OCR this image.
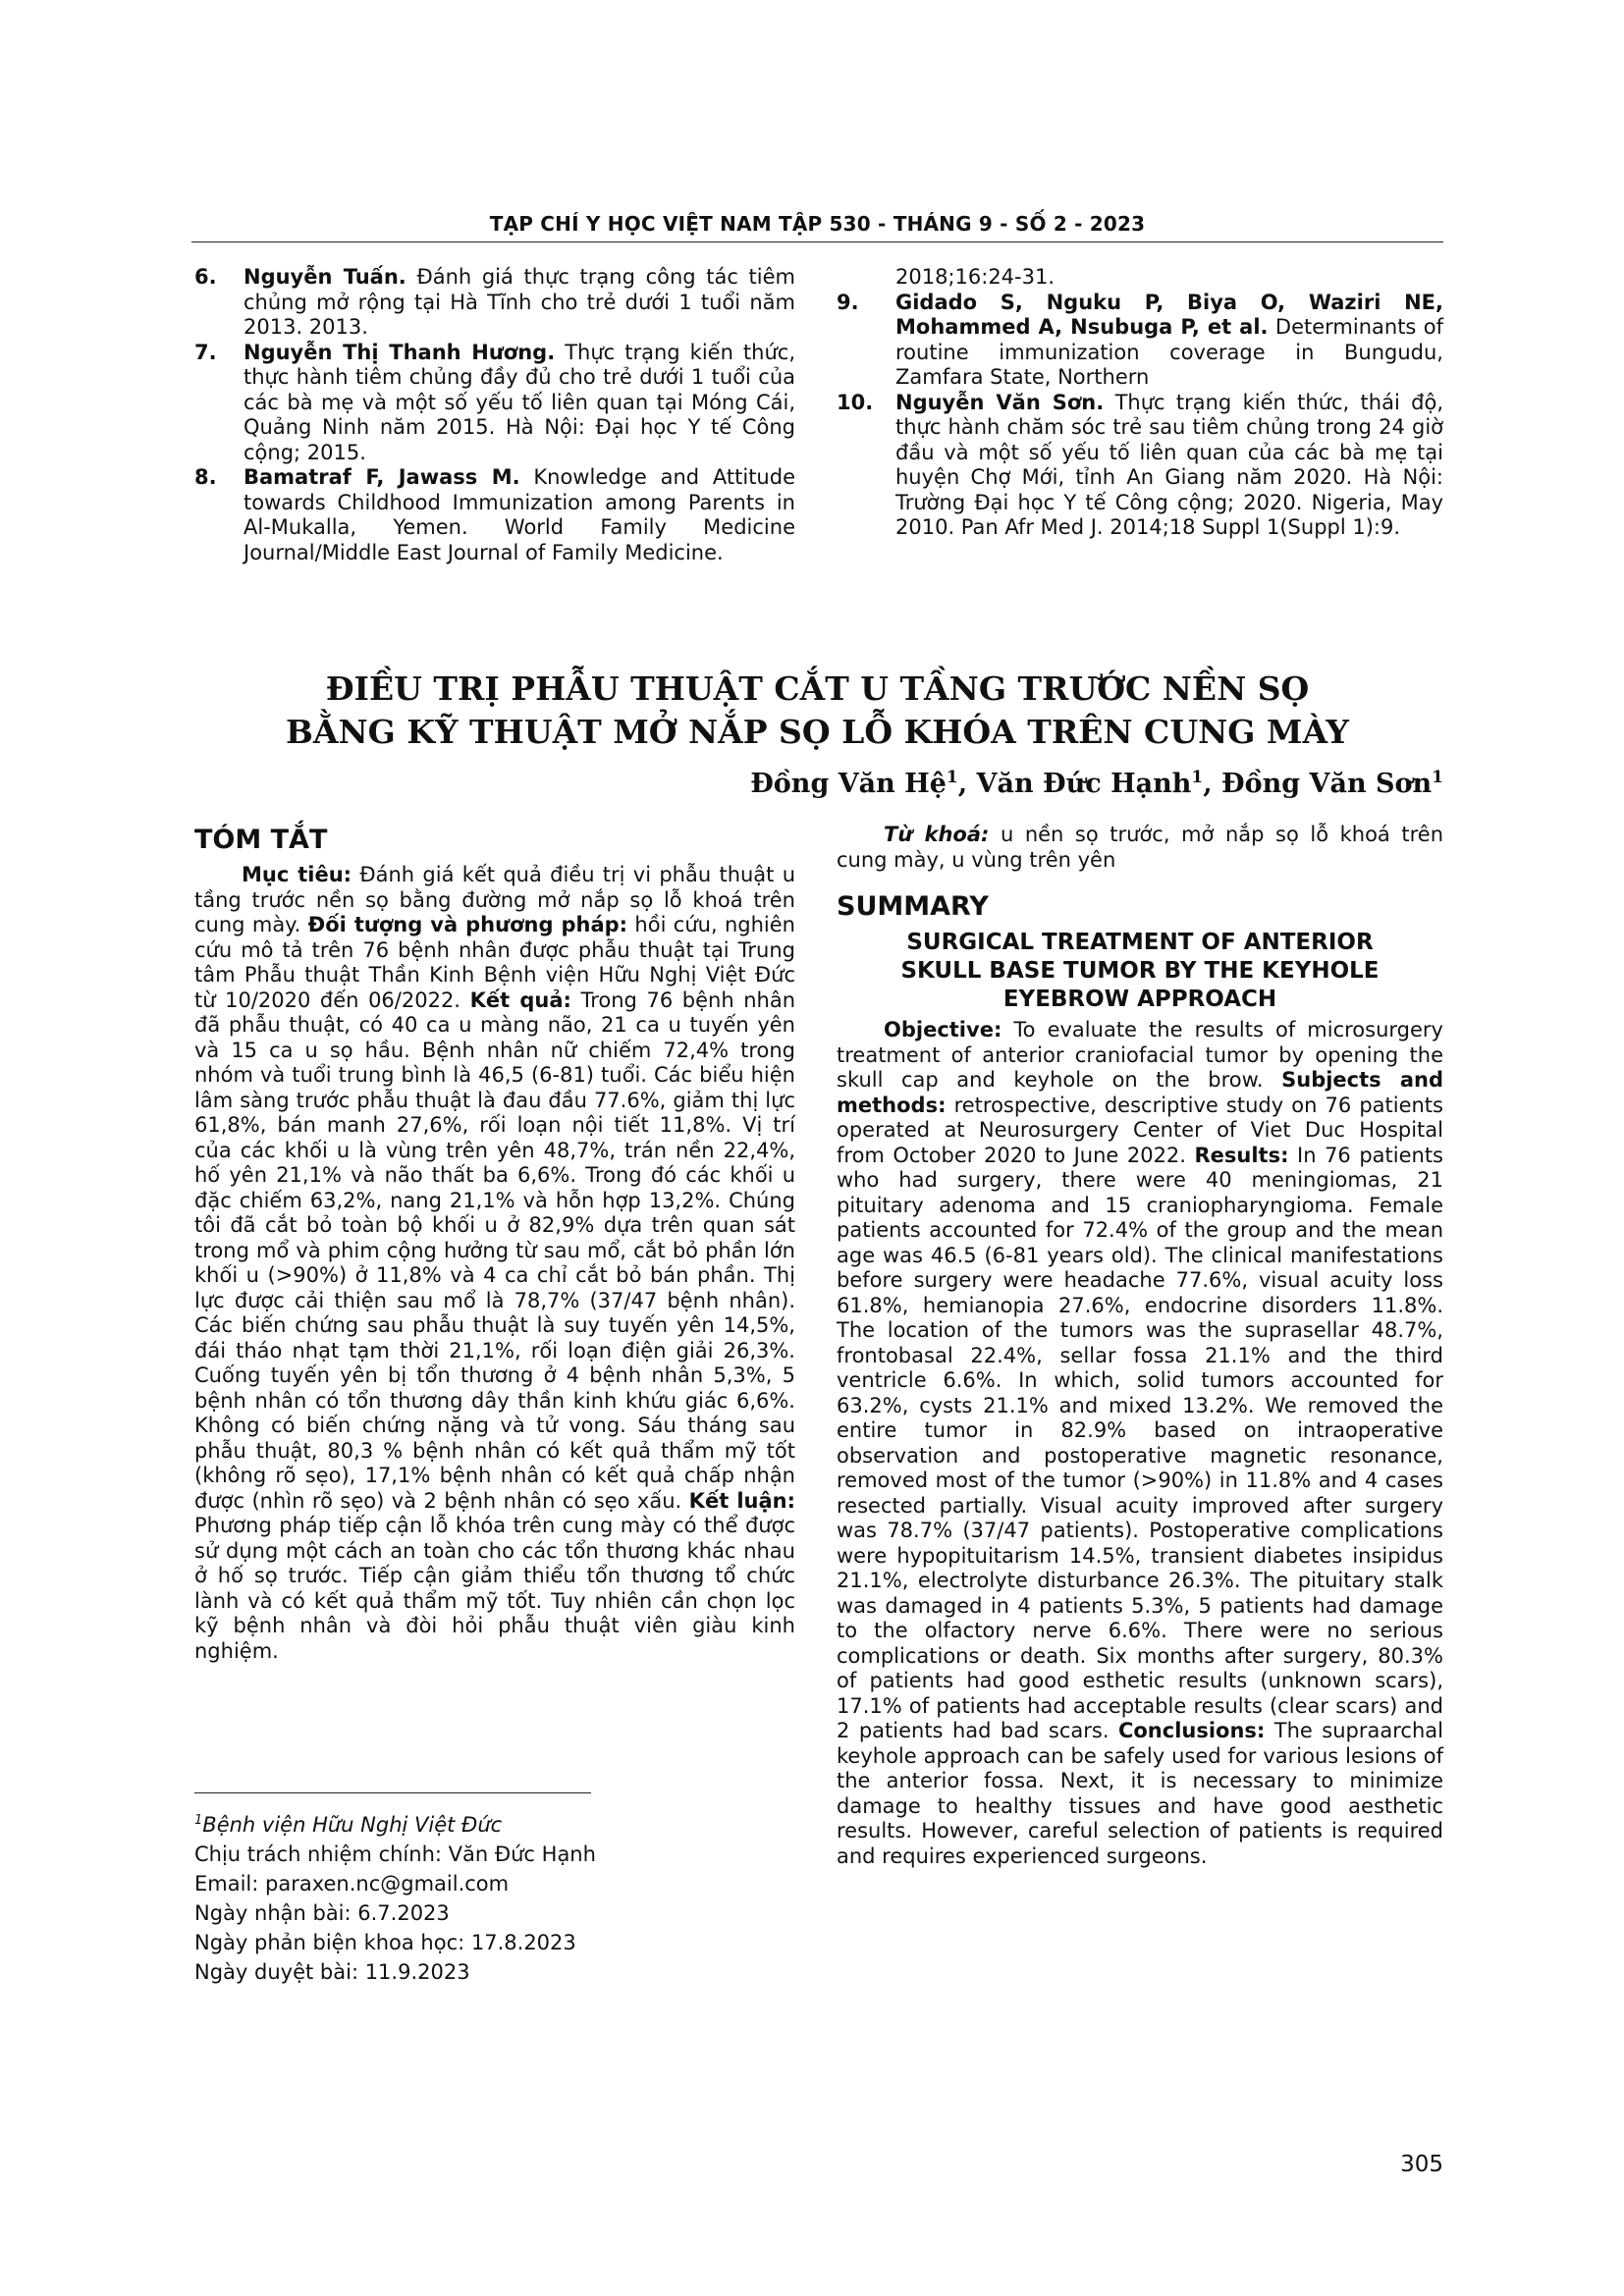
TẠP CHÍ Y HỌC VIỆT NAM TẬP 530 - THÁNG 9 - SỐ 2 - 2023

6. Nguyễn Tuấn. Đánh giá thực trạng công tác tiêm chủng mở rộng tại Hà Tĩnh cho trẻ dưới 1 tuổi năm 2013. 2013.

7. Nguyễn Thị Thanh Hương. Thực trạng kiến thức, thực hành tiêm chủng đầy đủ cho trẻ dưới 1 tuổi của các bà mẹ và một số yếu tố liên quan tại Móng Cái, Quảng Ninh năm 2015. Hà Nội: Đại học Y tế Công cộng; 2015.

8. Bamatraf F, Jawass M. Knowledge and Attitude towards Childhood Immunization among Parents in Al-Mukalla, Yemen. World Family Medicine Journal/Middle East Journal of Family Medicine.

2018;16:24-31.

9. Gidado S, Nguku P, Biya O, Waziri NE, Mohammed A, Nsubuga P, et al. Determinants of routine immunization coverage in Bungudu, Zamfara State, Northern

10. Nguyễn Văn Sơn. Thực trạng kiến thức, thái độ, thực hành chăm sóc trẻ sau tiêm chủng trong 24 giờ đầu và một số yếu tố liên quan của các bà mẹ tại huyện Chợ Mới, tỉnh An Giang năm 2020. Hà Nội: Trường Đại học Y tế Công cộng; 2020. Nigeria, May 2010. Pan Afr Med J. 2014;18 Suppl 1(Suppl 1):9.

ĐIỀU TRỊ PHẪU THUẬT CẮT U TẦNG TRƯỚC NỀN SỌ
BẰNG KỸ THUẬT MỞ NẮP SỌ LỖ KHÓA TRÊN CUNG MÀY
Đồng Văn Hệ$^1$, Văn Đức Hạnh$^1$, Đồng Văn Sơn$^1$

TÓM TẮT

Mục tiêu: Đánh giá kết quả điều trị vi phẫu thuật u tầng trước nền sọ bằng đường mở nắp sọ lỗ khoá trên cung mày. Đối tượng và phương pháp: hồi cứu, nghiên cứu mô tả trên 76 bệnh nhân được phẫu thuật tại Trung tâm Phẫu thuật Thần Kinh Bệnh viện Hữu Nghị Việt Đức từ 10/2020 đến 06/2022. Kết quả: Trong 76 bệnh nhân đã phẫu thuật, có 40 ca u màng não, 21 ca u tuyến yên và 15 ca u sọ hầu. Bệnh nhân nữ chiếm 72,4% trong nhóm và tuổi trung bình là 46,5 (6-81) tuổi. Các biểu hiện lâm sàng trước phẫu thuật là đau đầu 77.6%, giảm thị lực 61,8%, bán manh 27,6%, rối loạn nội tiết 11,8%. Vị trí của các khối u là vùng trên yên 48,7%, trán nền 22,4%, hố yên 21,1% và não thất ba 6,6%. Trong đó các khối u đặc chiếm 63,2%, nang 21,1% và hỗn hợp 13,2%. Chúng tôi đã cắt bỏ toàn bộ khối u ở 82,9% dựa trên quan sát trong mổ và phim cộng hưởng từ sau mổ, cắt bỏ phần lớn khối u (>90%) ở 11,8% và 4 ca chỉ cắt bỏ bán phần. Thị lực được cải thiện sau mổ là 78,7% (37/47 bệnh nhân). Các biến chứng sau phẫu thuật là suy tuyến yên 14,5%, đái tháo nhạt tạm thời 21,1%, rối loạn điện giải 26,3%. Cuống tuyến yên bị tổn thương ở 4 bệnh nhân 5,3%, 5 bệnh nhân có tổn thương dây thần kinh khứu giác 6,6%. Không có biến chứng nặng và tử vong. Sáu tháng sau phẫu thuật, 80,3 % bệnh nhân có kết quả thẩm mỹ tốt (không rõ sẹo), 17,1% bệnh nhân có kết quả chấp nhận được (nhìn rõ sẹo) và 2 bệnh nhân có sẹo xấu. Kết luận: Phương pháp tiếp cận lỗ khóa trên cung mày có thể được sử dụng một cách an toàn cho các tổn thương khác nhau ở hố sọ trước. Tiếp cận giảm thiểu tổn thương tổ chức lành và có kết quả thẩm mỹ tốt. Tuy nhiên cần chọn lọc kỹ bệnh nhân và đòi hỏi phẫu thuật viên giàu kinh nghiệm.

$^1$Bệnh viện Hữu Nghị Việt Đức
Chịu trách nhiệm chính: Văn Đức Hạnh
Email: paraxen.nc@gmail.com
Ngày nhận bài: 6.7.2023
Ngày phản biện khoa học: 17.8.2023
Ngày duyệt bài: 11.9.2023

Từ khoá: u nền sọ trước, mở nắp sọ lỗ khoá trên cung mày, u vùng trên yên

SUMMARY
SURGICAL TREATMENT OF ANTERIOR
SKULL BASE TUMOR BY THE KEYHOLE
EYEBROW APPROACH

Objective: To evaluate the results of microsurgery treatment of anterior craniofacial tumor by opening the skull cap and keyhole on the brow. Subjects and methods: retrospective, descriptive study on 76 patients operated at Neurosurgery Center of Viet Duc Hospital from October 2020 to June 2022. Results: In 76 patients who had surgery, there were 40 meningiomas, 21 pituitary adenoma and 15 craniopharyngioma. Female patients accounted for 72.4% of the group and the mean age was 46.5 (6-81 years old). The clinical manifestations before surgery were headache 77.6%, visual acuity loss 61.8%, hemianopia 27.6%, endocrine disorders 11.8%. The location of the tumors was the suprasellar 48.7%, frontobasal 22.4%, sellar fossa 21.1% and the third ventricle 6.6%. In which, solid tumors accounted for 63.2%, cysts 21.1% and mixed 13.2%. We removed the entire tumor in 82.9% based on intraoperative observation and postoperative magnetic resonance, removed most of the tumor (>90%) in 11.8% and 4 cases resected partially. Visual acuity improved after surgery was 78.7% (37/47 patients). Postoperative complications were hypopituitarism 14.5%, transient diabetes insipidus 21.1%, electrolyte disturbance 26.3%. The pituitary stalk was damaged in 4 patients 5.3%, 5 patients had damage to the olfactory nerve 6.6%. There were no serious complications or death. Six months after surgery, 80.3% of patients had good esthetic results (unknown scars), 17.1% of patients had acceptable results (clear scars) and 2 patients had bad scars. Conclusions: The supraarchal keyhole approach can be safely used for various lesions of the anterior fossa. Next, it is necessary to minimize damage to healthy tissues and have good aesthetic results. However, careful selection of patients is required and requires experienced surgeons.

305
